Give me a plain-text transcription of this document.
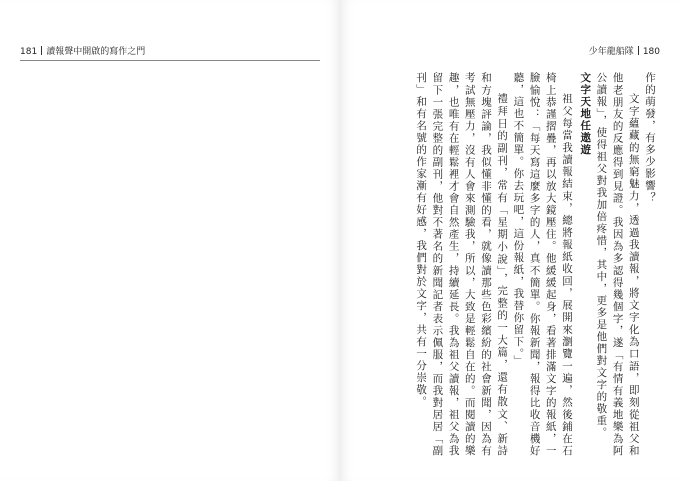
181 讀報聲中開啟的寫作之門	少年龍船隊 180

作的萌發，有多少影響？

文字蘊藏的無窮魅力，透過我讀報，將文字化為口語，即刻從祖父和他老朋友的反應得到見證。我因為多認得幾個字，遂「有情有義地樂為阿公讀報」，使得祖父對我加倍疼惜，其中，更多是他們對文字的敬重。

文字天地任遨遊

祖父每當我讀報結束，總將報紙收回，展開來瀏覽一遍，然後鋪在石椅上恭謹摺疊，再以放大鏡壓住。他緩緩起身，看著排滿文字的報紙，一臉愉悅：「每天寫這麼多字的人，真不簡單。你報新聞，報得比收音機好聽，這也不簡單。你去玩吧，這份報紙，我替你留下。」

禮拜日的副刊，常有「星期小說」，完整的一大篇，還有散文、新詩和方塊評論，我似懂非懂的看，就像讀那些色彩繽紛的社會新聞，因為有考試無壓力，沒有人會來測驗我，所以，大致是輕鬆自在的。而閱讀的樂趣，也唯有在輕鬆裡才會自然產生，持續延長。我為祖父讀報，祖父為我留下一張完整的副刊，他對不著名的新聞記者表示佩服，而我對居居「副刊」和有名號的作家漸有好感，我們對於文字，共有一分崇敬。
